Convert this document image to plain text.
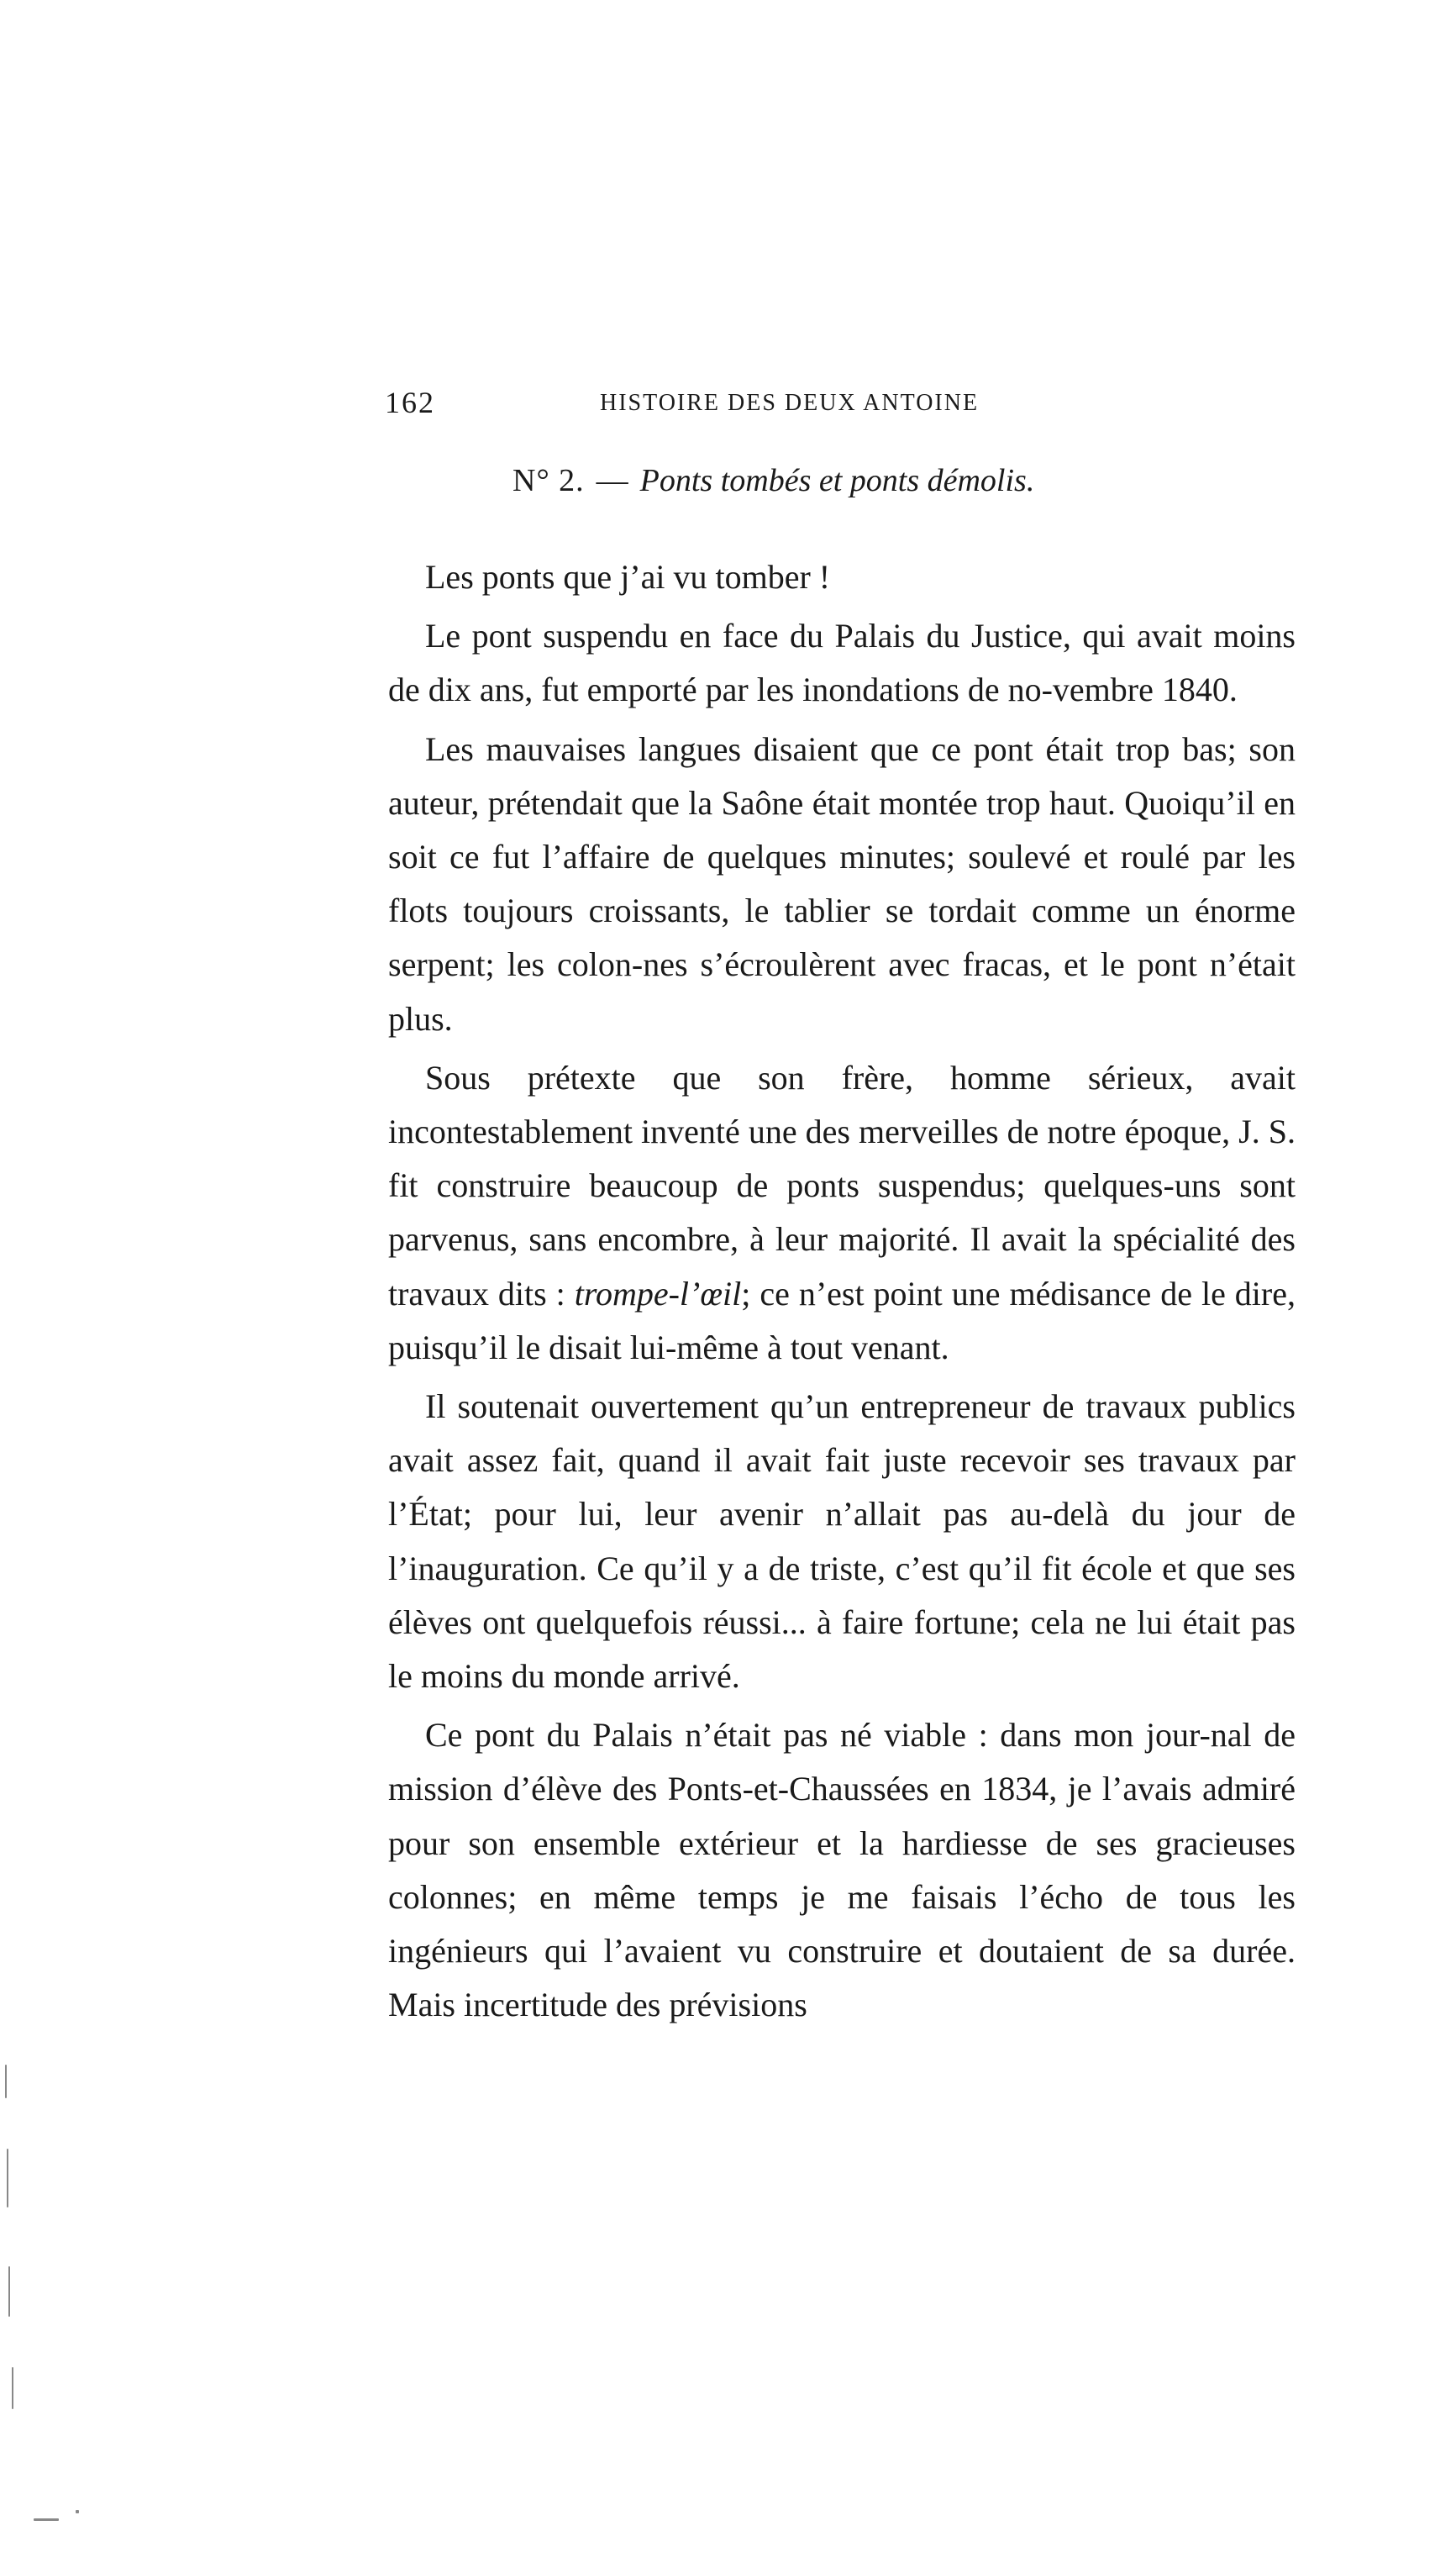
162	HISTOIRE DES DEUX ANTOINE
N° 2. — Ponts tombés et ponts démolis.

Les ponts que j’ai vu tomber !

Le pont suspendu en face du Palais du Justice, qui avait moins de dix ans, fut emporté par les inondations de no-vembre 1840.

Les mauvaises langues disaient que ce pont était trop bas; son auteur, prétendait que la Saône était montée trop haut. Quoiqu’il en soit ce fut l’affaire de quelques minutes; soulevé et roulé par les flots toujours croissants, le tablier se tordait comme un énorme serpent; les colon-nes s’écroulèrent avec fracas, et le pont n’était plus.

Sous prétexte que son frère, homme sérieux, avait incontestablement inventé une des merveilles de notre époque, J. S. fit construire beaucoup de ponts suspendus; quelques-uns sont parvenus, sans encombre, à leur majorité. Il avait la spécialité des travaux dits : trompe-l’œil; ce n’est point une médisance de le dire, puisqu’il le disait lui-même à tout venant.

Il soutenait ouvertement qu’un entrepreneur de travaux publics avait assez fait, quand il avait fait juste recevoir ses travaux par l’État; pour lui, leur avenir n’allait pas au-delà du jour de l’inauguration. Ce qu’il y a de triste, c’est qu’il fit école et que ses élèves ont quelquefois réussi... à faire fortune; cela ne lui était pas le moins du monde arrivé.

Ce pont du Palais n’était pas né viable : dans mon jour-nal de mission d’élève des Ponts-et-Chaussées en 1834, je l’avais admiré pour son ensemble extérieur et la hardiesse de ses gracieuses colonnes; en même temps je me faisais l’écho de tous les ingénieurs qui l’avaient vu construire et doutaient de sa durée. Mais incertitude des prévisions
